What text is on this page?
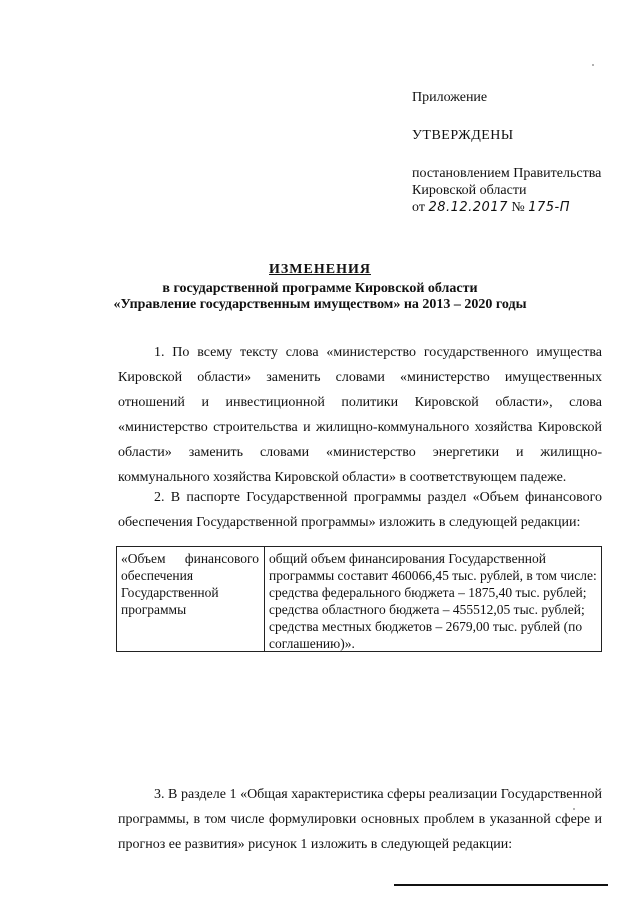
Приложение

УТВЕРЖДЕНЫ

постановлением Правительства

Кировской области

от 28.12.2017 № 175-П

ИЗМЕНЕНИЯ

в государственной программе Кировской области

«Управление государственным имуществом» на 2013 – 2020 годы

1. По всему тексту слова «министерство государственного имущества Кировской области» заменить словами «министерство имущественных отношений и инвестиционной политики Кировской области», слова «министерство строительства и жилищно-коммунального хозяйства Кировской области» заменить словами «министерство энергетики и жилищно-коммунального хозяйства Кировской области» в соответствующем падеже.

2. В паспорте Государственной программы раздел «Объем финансового обеспечения Государственной программы» изложить в следующей редакции:

«Объем финансового обеспечения Государственной программы
общий объем финансирования Государственной программы составит 460066,45 тыс. рублей, в том числе:
средства федерального бюджета – 1875,40 тыс. рублей;
средства областного бюджета – 455512,05 тыс. рублей;
средства местных бюджетов – 2679,00 тыс. рублей (по соглашению)».

3. В разделе 1 «Общая характеристика сферы реализации Государственной программы, в том числе формулировки основных проблем в указанной сфере и прогноз ее развития» рисунок 1 изложить в следующей редакции:
